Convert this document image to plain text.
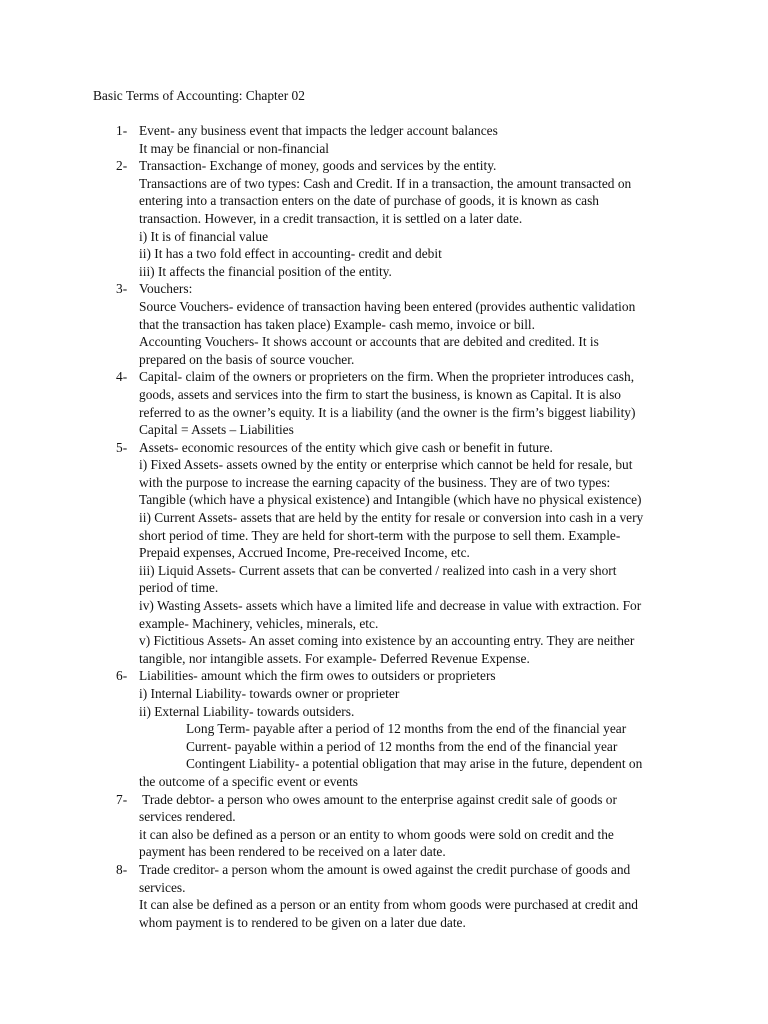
Basic Terms of Accounting: Chapter 02
1- Event- any business event that impacts the ledger account balances
It may be financial or non-financial
2- Transaction- Exchange of money, goods and services by the entity.
Transactions are of two types: Cash and Credit. If in a transaction, the amount transacted on
entering into a transaction enters on the date of purchase of goods, it is known as cash
transaction. However, in a credit transaction, it is settled on a later date.
i) It is of financial value
ii) It has a two fold effect in accounting- credit and debit
iii) It affects the financial position of the entity.
3- Vouchers:
Source Vouchers- evidence of transaction having been entered (provides authentic validation
that the transaction has taken place) Example- cash memo, invoice or bill.
Accounting Vouchers- It shows account or accounts that are debited and credited. It is
prepared on the basis of source voucher.
4- Capital- claim of the owners or proprieters on the firm. When the proprieter introduces cash,
goods, assets and services into the firm to start the business, is known as Capital. It is also
referred to as the owner’s equity. It is a liability (and the owner is the firm’s biggest liability)
Capital = Assets – Liabilities
5- Assets- economic resources of the entity which give cash or benefit in future.
i) Fixed Assets- assets owned by the entity or enterprise which cannot be held for resale, but
with the purpose to increase the earning capacity of the business. They are of two types:
Tangible (which have a physical existence) and Intangible (which have no physical existence)
ii) Current Assets- assets that are held by the entity for resale or conversion into cash in a very
short period of time. They are held for short-term with the purpose to sell them. Example-
Prepaid expenses, Accrued Income, Pre-received Income, etc.
iii) Liquid Assets- Current assets that can be converted / realized into cash in a very short
period of time.
iv) Wasting Assets- assets which have a limited life and decrease in value with extraction. For
example- Machinery, vehicles, minerals, etc.
v) Fictitious Assets- An asset coming into existence by an accounting entry. They are neither
tangible, nor intangible assets. For example- Deferred Revenue Expense.
6- Liabilities- amount which the firm owes to outsiders or proprieters
i) Internal Liability- towards owner or proprieter
ii) External Liability- towards outsiders.
Long Term- payable after a period of 12 months from the end of the financial year
Current- payable within a period of 12 months from the end of the financial year
Contingent Liability- a potential obligation that may arise in the future, dependent on
the outcome of a specific event or events
7- Trade debtor- a person who owes amount to the enterprise against credit sale of goods or
services rendered.
it can also be defined as a person or an entity to whom goods were sold on credit and the
payment has been rendered to be received on a later date.
8- Trade creditor- a person whom the amount is owed against the credit purchase of goods and
services.
It can alse be defined as a person or an entity from whom goods were purchased at credit and
whom payment is to rendered to be given on a later due date.
